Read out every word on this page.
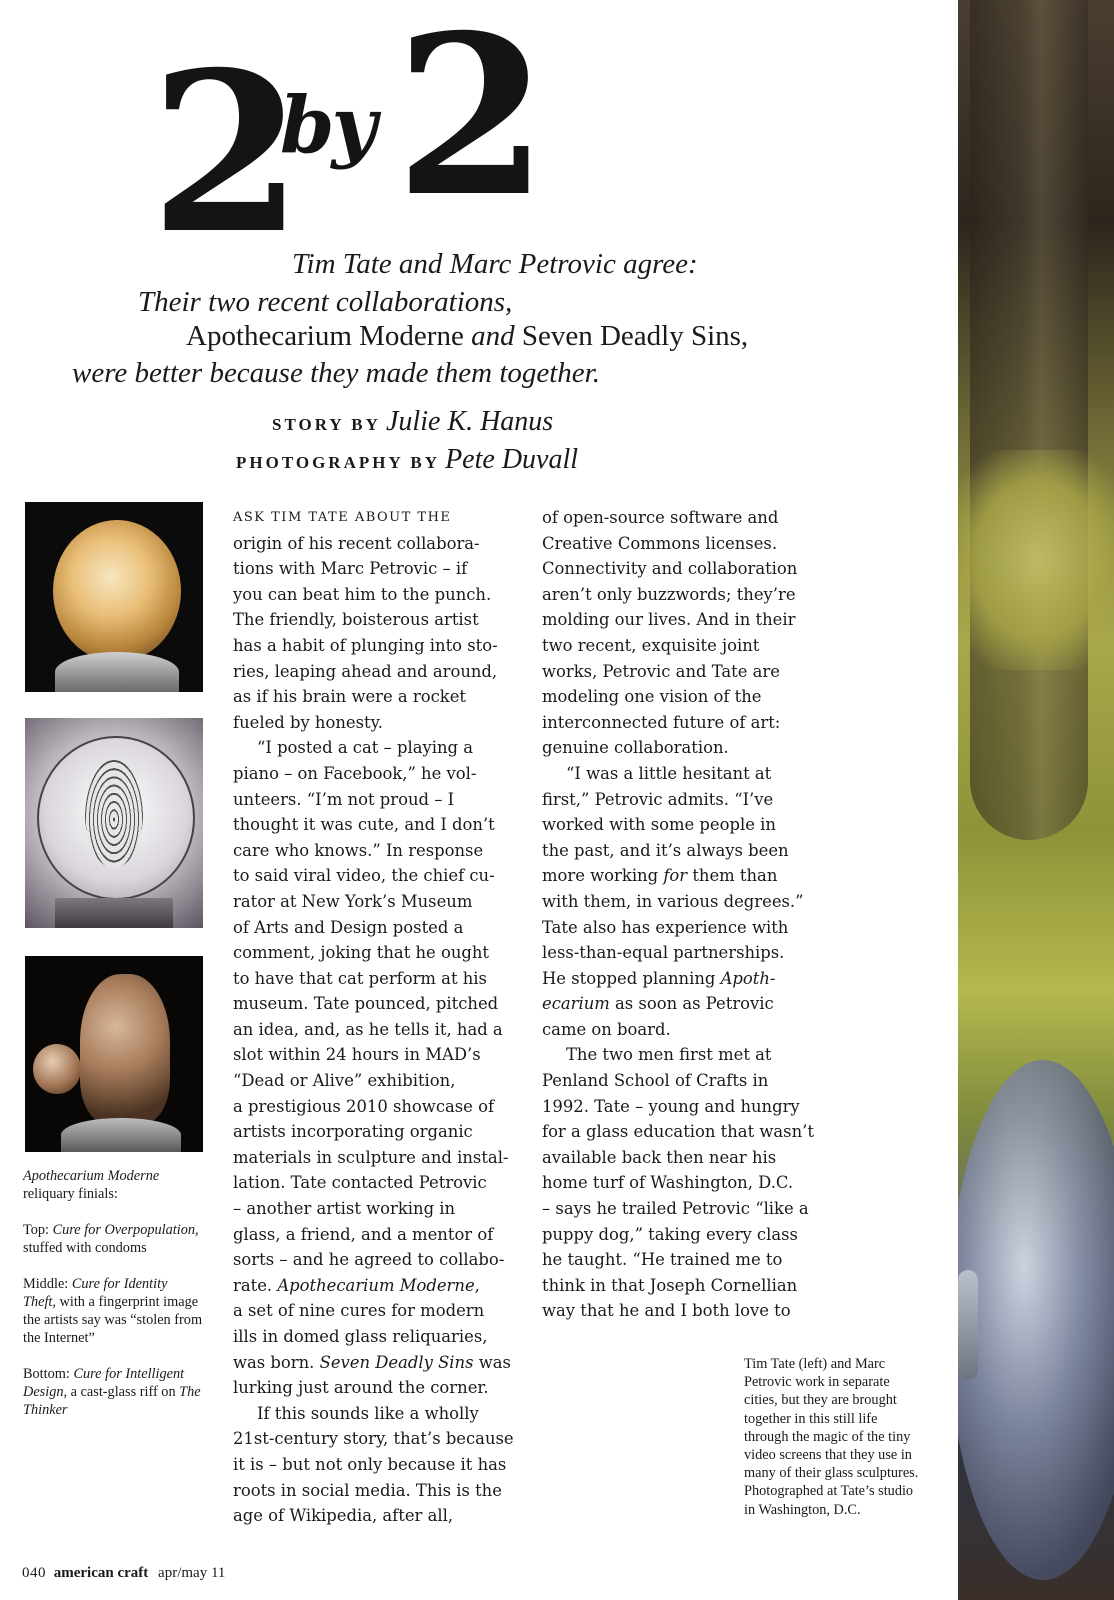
2
by 2
Tim Tate and Marc Petrovic agree:
Their two recent collaborations,
Apothecarium Moderne and Seven Deadly Sins,
were better because they made them together.
STORY BY Julie K. Hanus
PHOTOGRAPHY BY Pete Duvall

Apothecarium Moderne
reliquary finials:

Top: Cure for Overpopulation, stuffed with condoms

Middle: Cure for Identity Theft, with a fingerprint image the artists say was “stolen from the Internet”

Bottom: Cure for Intelligent Design, a cast-glass riff on The Thinker

ASK TIM TATE ABOUT THE
origin of his recent collabora-
tions with Marc Petrovic – if
you can beat him to the punch.
The friendly, boisterous artist
has a habit of plunging into sto-
ries, leaping ahead and around,
as if his brain were a rocket
fueled by honesty.
“I posted a cat – playing a
piano – on Facebook,” he vol-
unteers. “I’m not proud – I
thought it was cute, and I don’t
care who knows.” In response
to said viral video, the chief cu-
rator at New York’s Museum
of Arts and Design posted a
comment, joking that he ought
to have that cat perform at his
museum. Tate pounced, pitched
an idea, and, as he tells it, had a
slot within 24 hours in MAD’s
“Dead or Alive” exhibition,
a prestigious 2010 showcase of
artists incorporating organic
materials in sculpture and instal-
lation. Tate contacted Petrovic
– another artist working in
glass, a friend, and a mentor of
sorts – and he agreed to collabo-
rate. Apothecarium Moderne,
a set of nine cures for modern
ills in domed glass reliquaries,
was born. Seven Deadly Sins was
lurking just around the corner.
If this sounds like a wholly
21st-century story, that’s because
it is – but not only because it has
roots in social media. This is the
age of Wikipedia, after all,
of open-source software and
Creative Commons licenses.
Connectivity and collaboration
aren’t only buzzwords; they’re
molding our lives. And in their
two recent, exquisite joint
works, Petrovic and Tate are
modeling one vision of the
interconnected future of art:
genuine collaboration.
“I was a little hesitant at
first,” Petrovic admits. “I’ve
worked with some people in
the past, and it’s always been
more working for them than
with them, in various degrees.”
Tate also has experience with
less-than-equal partnerships.
He stopped planning Apoth-
ecarium as soon as Petrovic
came on board.
The two men first met at
Penland School of Crafts in
1992. Tate – young and hungry
for a glass education that wasn’t
available back then near his
home turf of Washington, D.C.
– says he trailed Petrovic “like a
puppy dog,” taking every class
he taught. “He trained me to
think in that Joseph Cornellian
way that he and I both love to
Tim Tate (left) and Marc Petrovic work in separate cities, but they are brought together in this still life through the magic of the tiny video screens that they use in many of their glass sculptures. Photographed at Tate’s studio in Washington, D.C.
040 american craft apr/may 11
